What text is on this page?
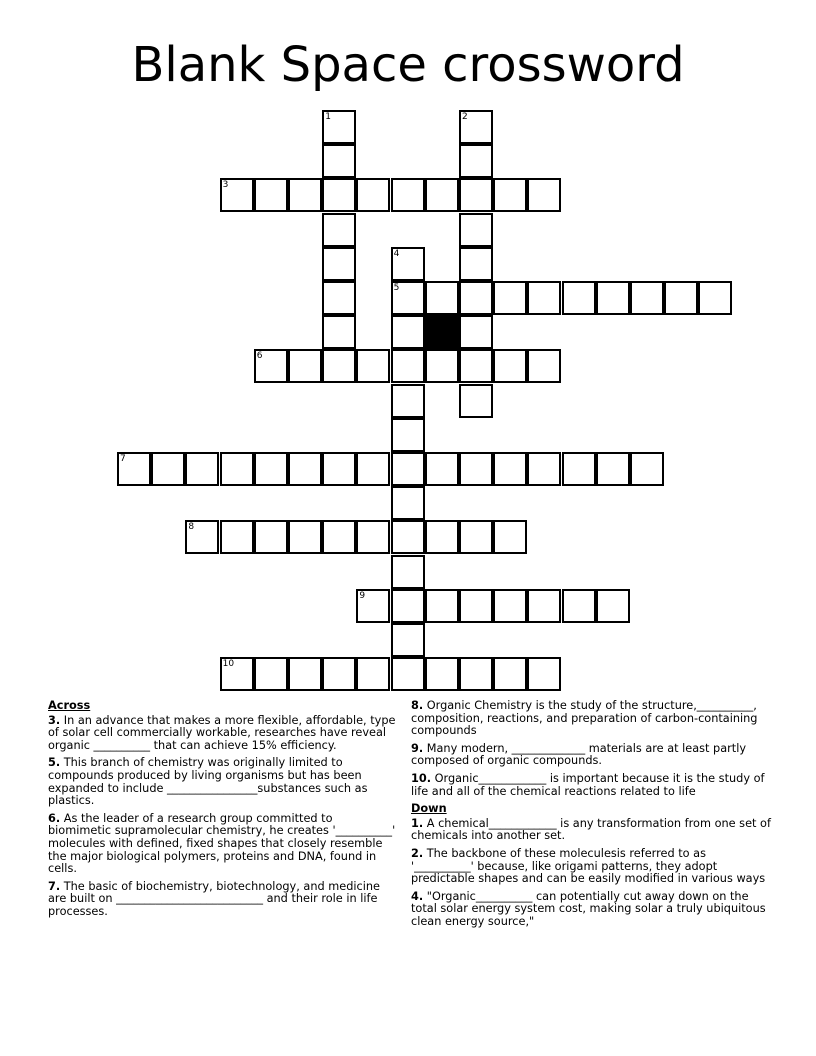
Blank Space crossword
1	2
3
4
5
6
7
8
9
10
Across
3. In an advance that makes a more flexible, affordable, type of solar cell commercially workable, researches have reveal organic __________ that can achieve 15% efficiency.
5. This branch of chemistry was originally limited to compounds produced by living organisms but has been expanded to include ________________substances such as plastics.
6. As the leader of a research group committed to biomimetic supramolecular chemistry, he creates '__________' molecules with defined, fixed shapes that closely resemble the major biological polymers, proteins and DNA, found in cells.
7. The basic of biochemistry, biotechnology, and medicine are built on __________________________ and their role in life processes.
8. Organic Chemistry is the study of the structure,__________, composition, reactions, and preparation of carbon-containing compounds
9. Many modern, _____________ materials are at least partly composed of organic compounds.
10. Organic____________ is important because it is the study of life and all of the chemical reactions related to life
Down
1. A chemical____________ is any transformation from one set of chemicals into another set.
2. The backbone of these moleculesis referred to as '__________' because, like origami patterns, they adopt predictable shapes and can be easily modified in various ways
4. "Organic__________ can potentially cut away down on the total solar energy system cost, making solar a truly ubiquitous clean energy source,"
